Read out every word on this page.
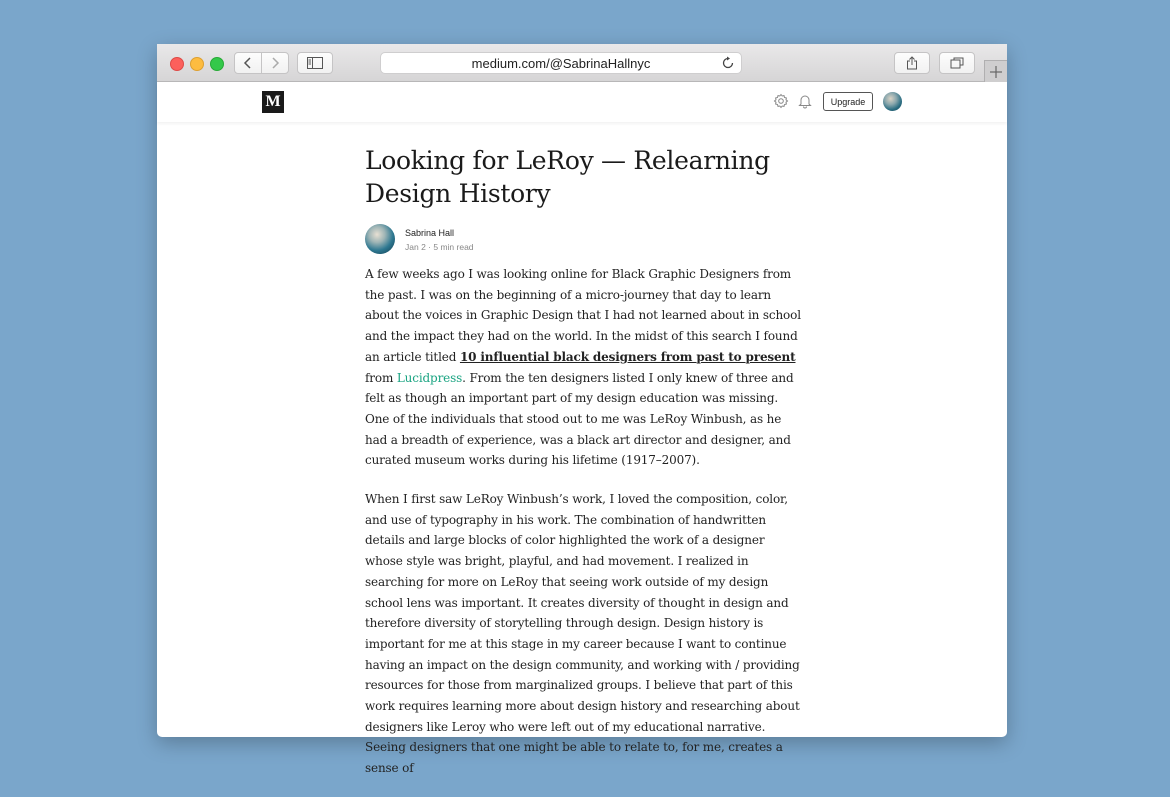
medium.com/@SabrinaHallnyc
M	Upgrade
Looking for LeRoy — Relearning Design History
Sabrina Hall
Jan 2 · 5 min read

A few weeks ago I was looking online for Black Graphic Designers from the past. I was on the beginning of a micro-journey that day to learn about the voices in Graphic Design that I had not learned about in school and the impact they had on the world. In the midst of this search I found an article titled 10 influential black designers from past to present from Lucidpress. From the ten designers listed I only knew of three and felt as though an important part of my design education was missing. One of the individuals that stood out to me was LeRoy Winbush, as he had a breadth of experience, was a black art director and designer, and curated museum works during his lifetime (1917–2007).

When I first saw LeRoy Winbush’s work, I loved the composition, color, and use of typography in his work. The combination of handwritten details and large blocks of color highlighted the work of a designer whose style was bright, playful, and had movement. I realized in searching for more on LeRoy that seeing work outside of my design school lens was important. It creates diversity of thought in design and therefore diversity of storytelling through design. Design history is important for me at this stage in my career because I want to continue having an impact on the design community, and working with / providing resources for those from marginalized groups. I believe that part of this work requires learning more about design history and researching about designers like Leroy who were left out of my educational narrative. Seeing designers that one might be able to relate to, for me, creates a sense of
